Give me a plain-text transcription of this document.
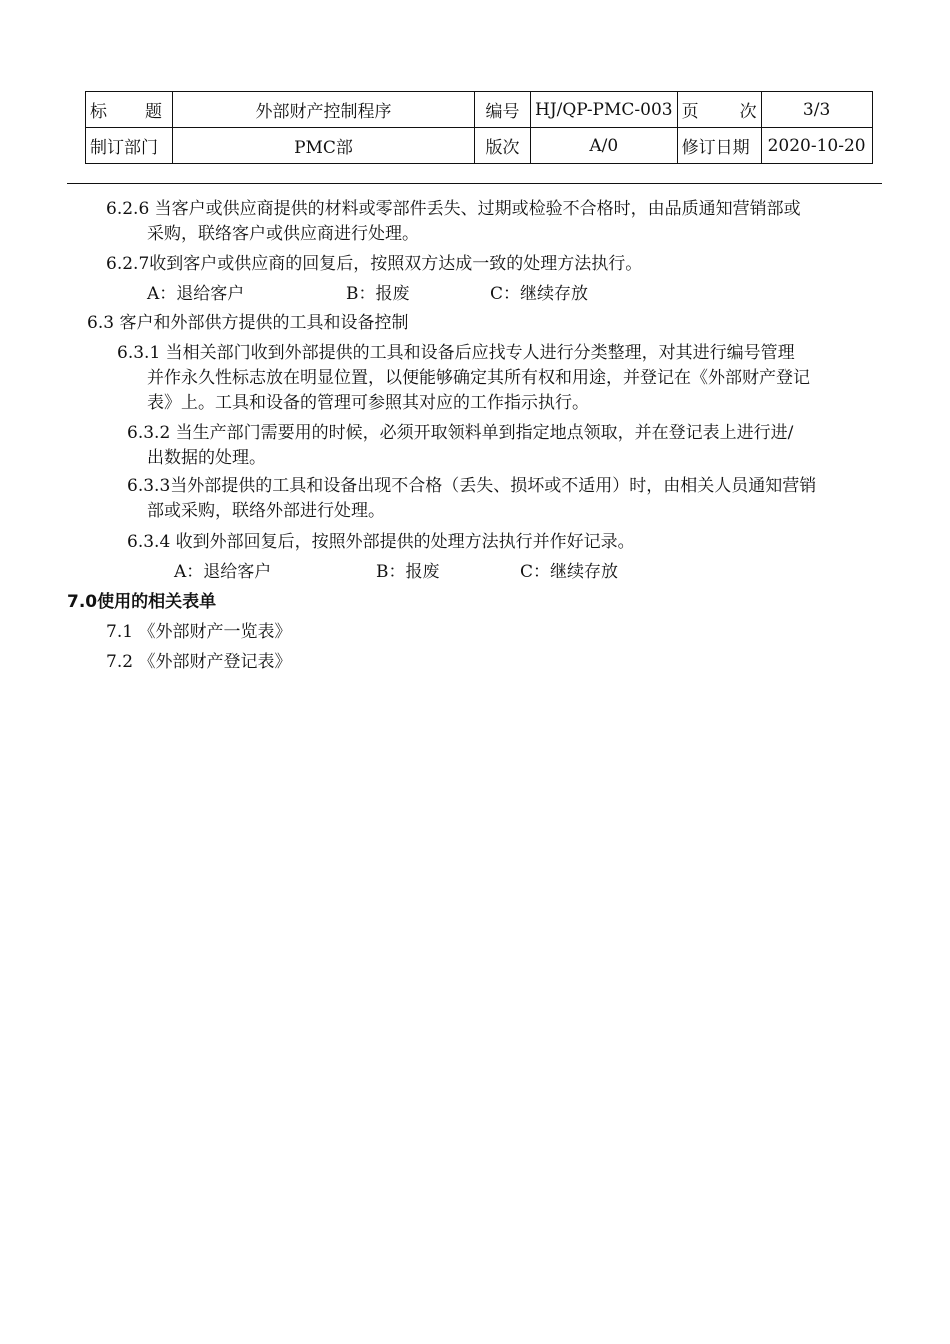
标 题	外部财产控制程序	编号	HJ/QP-PMC-003	页 次	3/3
制订部门	PMC部	版次	A/0	修订日期	2020-10-20
6.2.6 当客户或供应商提供的材料或零部件丢失、过期或检验不合格时，由品质通知营销部或
采购，联络客户或供应商进行处理。
6.2.7收到客户或供应商的回复后，按照双方达成一致的处理方法执行。
A：退给客户	B：报废	C：继续存放
6.3 客户和外部供方提供的工具和设备控制
6.3.1 当相关部门收到外部提供的工具和设备后应找专人进行分类整理，对其进行编号管理
并作永久性标志放在明显位置，以便能够确定其所有权和用途，并登记在《外部财产登记
表》上。工具和设备的管理可参照其对应的工作指示执行。
6.3.2 当生产部门需要用的时候，必须开取领料单到指定地点领取，并在登记表上进行进/
出数据的处理。
6.3.3当外部提供的工具和设备出现不合格（丢失、损坏或不适用）时，由相关人员通知营销
部或采购，联络外部进行处理。
6.3.4 收到外部回复后，按照外部提供的处理方法执行并作好记录。
A：退给客户	B：报废	C：继续存放
7.0使用的相关表单
7.1 《外部财产一览表》
7.2 《外部财产登记表》
